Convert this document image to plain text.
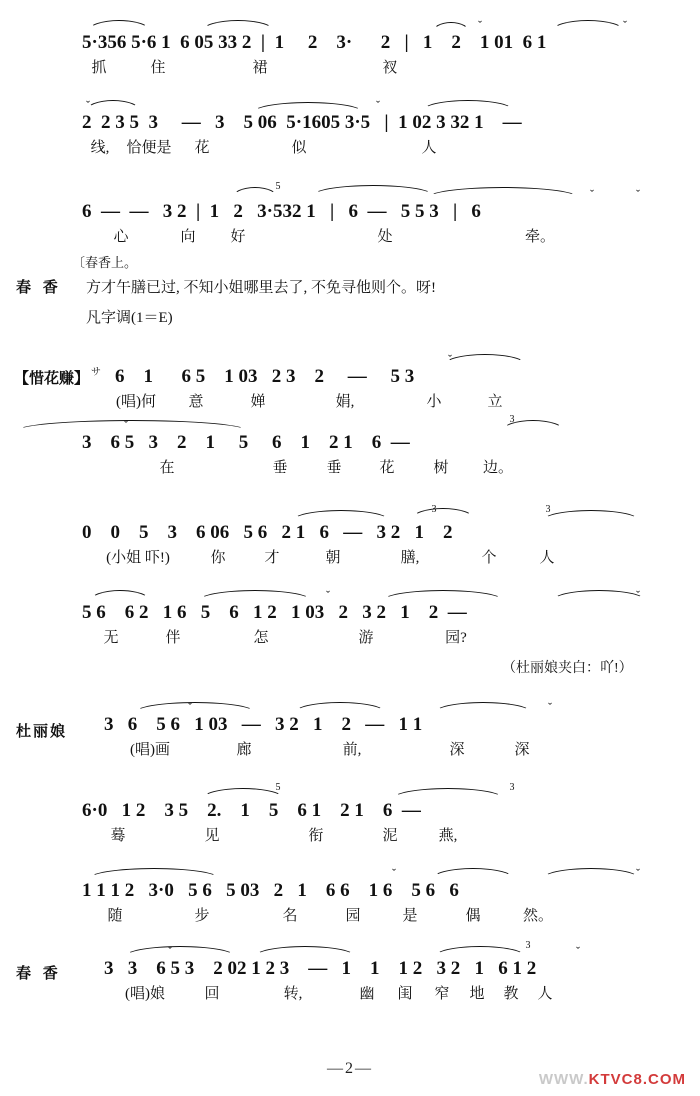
ˇ	ˇ
5·356 5·6 1  6 05 33 2  |  1     2    3·      2   |   1    2    1 01  6 1
抓	住	裙	衩
ˇ	ˇ
2  2 3 5  3     —   3    5 06  5·1605 3·5   |  1 02 3 32 1    —
线,	恰便是	花	似	人
5
ˇ	ˇ
6  —  —   3 2  |  1   2   3·532 1   |   6  —   5 5 3   |   6
心	向	好	处	牵。
〔春香上。
春 香 方才午膳已过, 不知小姐哪里去了, 不免寻他则个。呀!
凡字调(1＝E)
ˇ
【惜花赚】 サ 6    1      6 5    1 03   2 3    2     —     5 3
(唱)何	意	婵	娟,	小	立
ˇ	3
3    6 5   3    2    1     5     6    1    2 1    6  —
在	垂	垂	花	树	边。
3	3
0    0    5    3    6 06   5 6   2 1   6   —   3 2   1    2
(小姐 吓!)	你	才	朝	膳,	个	人
ˇ	ˇ
5 6    6 2   1 6   5    6   1 2   1 03   2   3 2   1    2  —
无	伴	怎	游	园?
（杜丽娘夹白：吖!）
杜丽娘
ˇ	ˇ
3   6    5 6   1 03   —   3 2   1    2   —   1 1
(唱)画	廊	前,	深	深
5	3
6·0   1 2    3 5    2.    1    5    6 1    2 1    6  —
蓦	见	衔	泥	燕,
ˇ	ˇ
1 1 1 2   3·0   5 6   5 03   2   1    6 6    1 6    5 6   6
随	步	名	园	是	偶	然。
春 香
ˇ	3	ˇ
3   3    6 5 3    2 02 1 2 3    —   1    1    1 2   3 2   1   6 1 2
(唱)娘	回	转,	幽	闺	窄	地	教	人
—2—
WWW.KTVC8.COM
